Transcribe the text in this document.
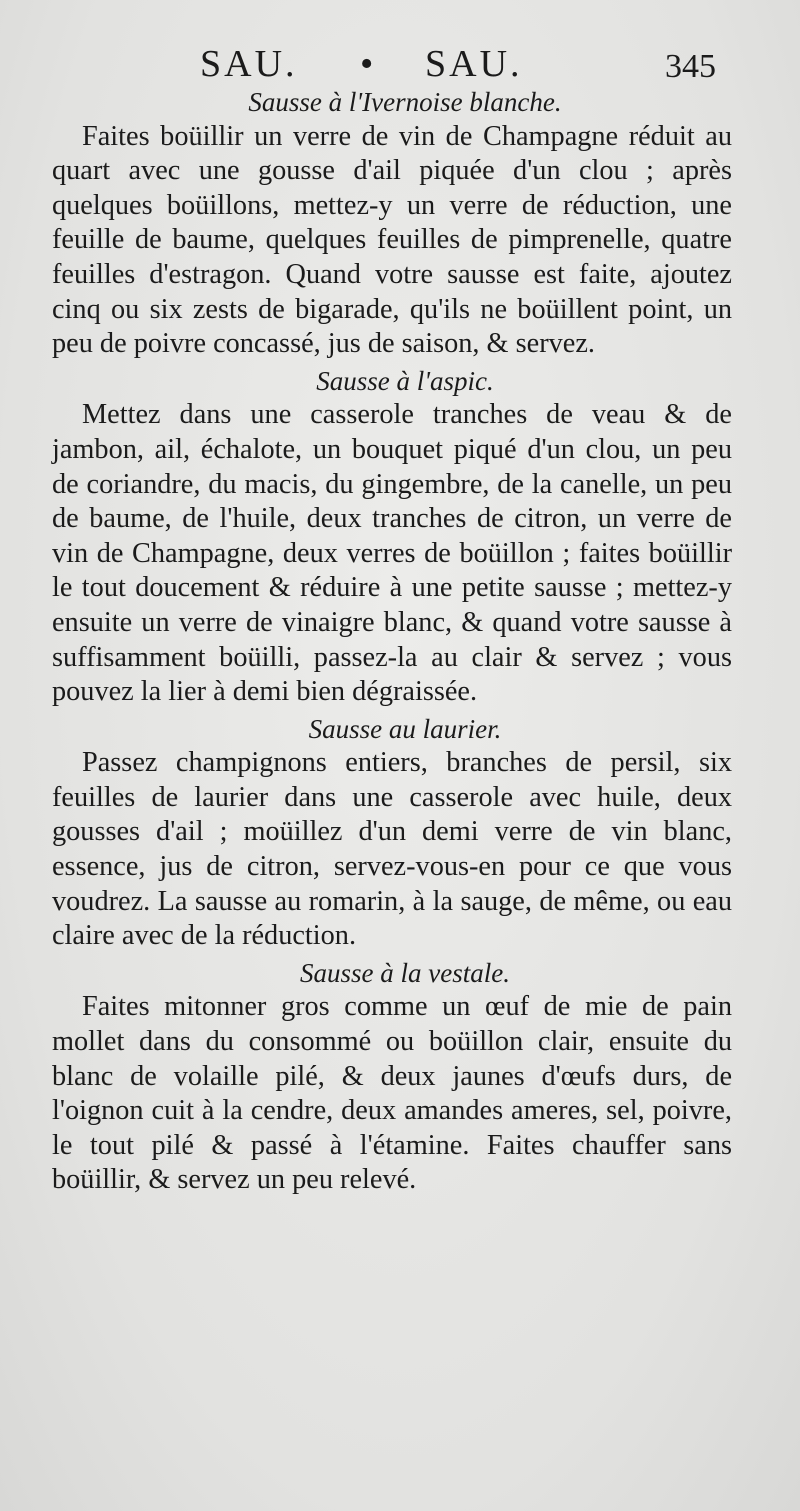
SAU. • SAU.	345

Sausse à l'Ivernoise blanche.

Faites boüillir un verre de vin de Champagne réduit au quart avec une gousse d'ail piquée d'un clou ; après quelques boüillons, mettez-y un verre de réduction, une feuille de baume, quelques feuilles de pimprenelle, quatre feuilles d'estragon. Quand votre sausse est faite, ajoutez cinq ou six zests de bigarade, qu'ils ne boüillent point, un peu de poivre concassé, jus de saison, & servez.

Sausse à l'aspic.

Mettez dans une casserole tranches de veau & de jambon, ail, échalote, un bouquet piqué d'un clou, un peu de coriandre, du macis, du gingembre, de la canelle, un peu de baume, de l'huile, deux tranches de citron, un verre de vin de Champagne, deux verres de boüillon ; faites boüillir le tout doucement & réduire à une petite sausse ; mettez-y ensuite un verre de vinaigre blanc, & quand votre sausse à suffisamment boüilli, passez-la au clair & servez ; vous pouvez la lier à demi bien dégraissée.

Sausse au laurier.

Passez champignons entiers, branches de persil, six feuilles de laurier dans une casserole avec huile, deux gousses d'ail ; moüillez d'un demi verre de vin blanc, essence, jus de citron, servez-vous-en pour ce que vous voudrez. La sausse au romarin, à la sauge, de même, ou eau claire avec de la réduction.

Sausse à la vestale.

Faites mitonner gros comme un œuf de mie de pain mollet dans du consommé ou boüillon clair, ensuite du blanc de volaille pilé, & deux jaunes d'œufs durs, de l'oignon cuit à la cendre, deux amandes ameres, sel, poivre, le tout pilé & passé à l'étamine. Faites chauffer sans boüillir, & servez un peu relevé.
